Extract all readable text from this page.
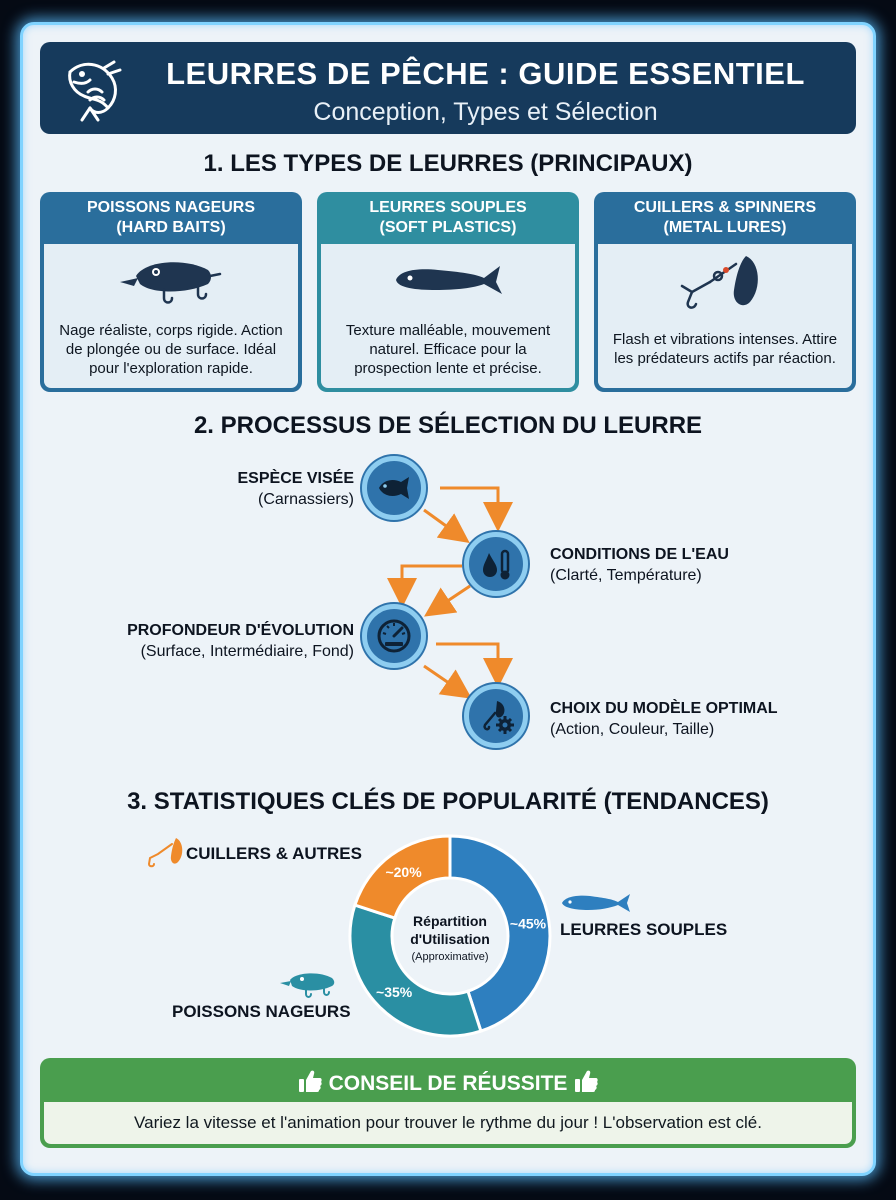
LEURRES DE PÊCHE : GUIDE ESSENTIEL
Conception, Types et Sélection
1. LES TYPES DE LEURRES (PRINCIPAUX)
POISSONS NAGEURS
(HARD BAITS)
Nage réaliste, corps rigide. Action de plongée ou de surface. Idéal pour l'exploration rapide.
LEURRES SOUPLES
(SOFT PLASTICS)
Texture malléable, mouvement naturel. Efficace pour la prospection lente et précise.
CUILLERS & SPINNERS
(METAL LURES)
Flash et vibrations intenses. Attire les prédateurs actifs par réaction.
2. PROCESSUS DE SÉLECTION DU LEURRE
ESPÈCE VISÉE
(Carnassiers)
CONDITIONS DE L'EAU
(Clarté, Température)
PROFONDEUR D'ÉVOLUTION
(Surface, Intermédiaire, Fond)
CHOIX DU MODÈLE OPTIMAL
(Action, Couleur, Taille)
3. STATISTIQUES CLÉS DE POPULARITÉ (TENDANCES)
~45%
~35%
~20%
Répartition
d'Utilisation
(Approximative)
CUILLERS & AUTRES
LEURRES SOUPLES
POISSONS NAGEURS
CONSEIL DE RÉUSSITE
Variez la vitesse et l'animation pour trouver le rythme du jour ! L'observation est clé.
